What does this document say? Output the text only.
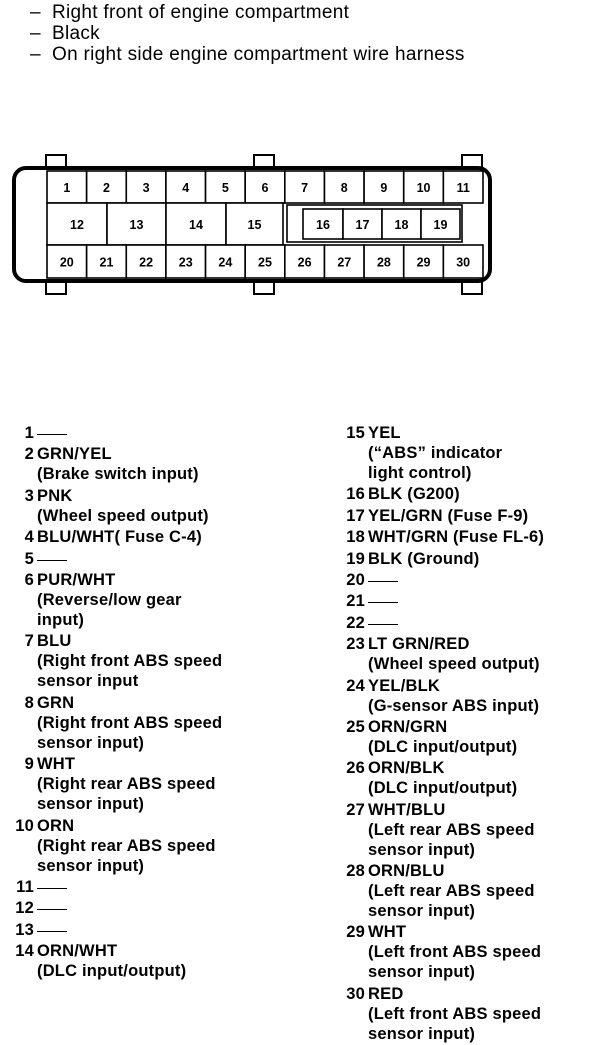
– Right front of engine compartment
– Black
– On right side engine compartment wire harness
1	2	3	4	5	6	7	8	9 10 11
12	13	14	15	16 17 18 19
20 21 22 23 24 25 26 27 28 29 30
1
2 GRN/YEL
(Brake switch input)
3 PNK
(Wheel speed output)
4 BLU/WHT( Fuse C-4)
5
6 PUR/WHT
(Reverse/low gear
input)
7 BLU
(Right front ABS speed
sensor input
8 GRN
(Right front ABS speed
sensor input)
9 WHT
(Right rear ABS speed
sensor input)
10 ORN
(Right rear ABS speed
sensor input)
11
12
13
14 ORN/WHT
(DLC input/output)
15 YEL
(“ABS” indicator
light control)
16 BLK (G200)
17 YEL/GRN (Fuse F-9)
18 WHT/GRN (Fuse FL-6)
19 BLK (Ground)
20
21
22
23 LT GRN/RED
(Wheel speed output)
24 YEL/BLK
(G-sensor ABS input)
25 ORN/GRN
(DLC input/output)
26 ORN/BLK
(DLC input/output)
27 WHT/BLU
(Left rear ABS speed
sensor input)
28 ORN/BLU
(Left rear ABS speed
sensor input)
29 WHT
(Left front ABS speed
sensor input)
30 RED
(Left front ABS speed
sensor input)
